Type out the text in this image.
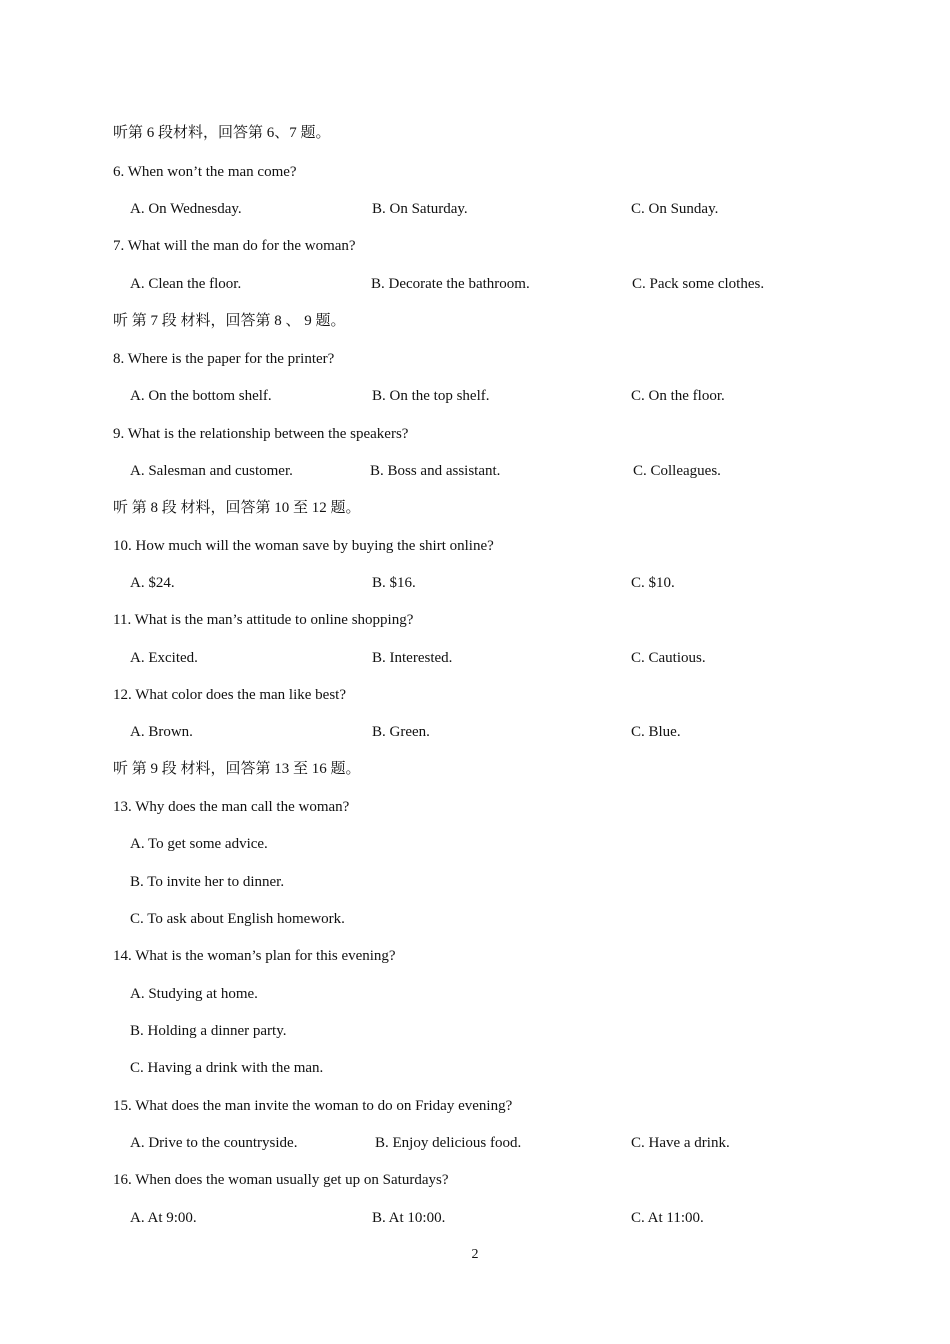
听第 6 段材料，回答第 6、7 题。
6. When won’t the man come?
A. On Wednesday.	B. On Saturday.	C. On Sunday.
7. What will the man do for the woman?
A. Clean the floor.	B. Decorate the bathroom.	C. Pack some clothes.
听 第 7 段 材料，回答第 8 、 9 题。
8. Where is the paper for the printer?
A. On the bottom shelf.	B. On the top shelf.	C. On the floor.
9. What is the relationship between the speakers?
A. Salesman and customer.	B. Boss and assistant.	C. Colleagues.
听 第 8 段 材料，回答第 10 至 12 题。
10. How much will the woman save by buying the shirt online?
A. $24.	B. $16.	C. $10.
11. What is the man’s attitude to online shopping?
A. Excited.	B. Interested.	C. Cautious.
12. What color does the man like best?
A. Brown.	B. Green.	C. Blue.
听 第 9 段 材料，回答第 13 至 16 题。
13. Why does the man call the woman?
A. To get some advice.
B. To invite her to dinner.
C. To ask about English homework.
14. What is the woman’s plan for this evening?
A. Studying at home.
B. Holding a dinner party.
C. Having a drink with the man.
15. What does the man invite the woman to do on Friday evening?
A. Drive to the countryside.	B. Enjoy delicious food.	C. Have a drink.
16. When does the woman usually get up on Saturdays?
A. At 9:00.	B. At 10:00.	C. At 11:00.
2
